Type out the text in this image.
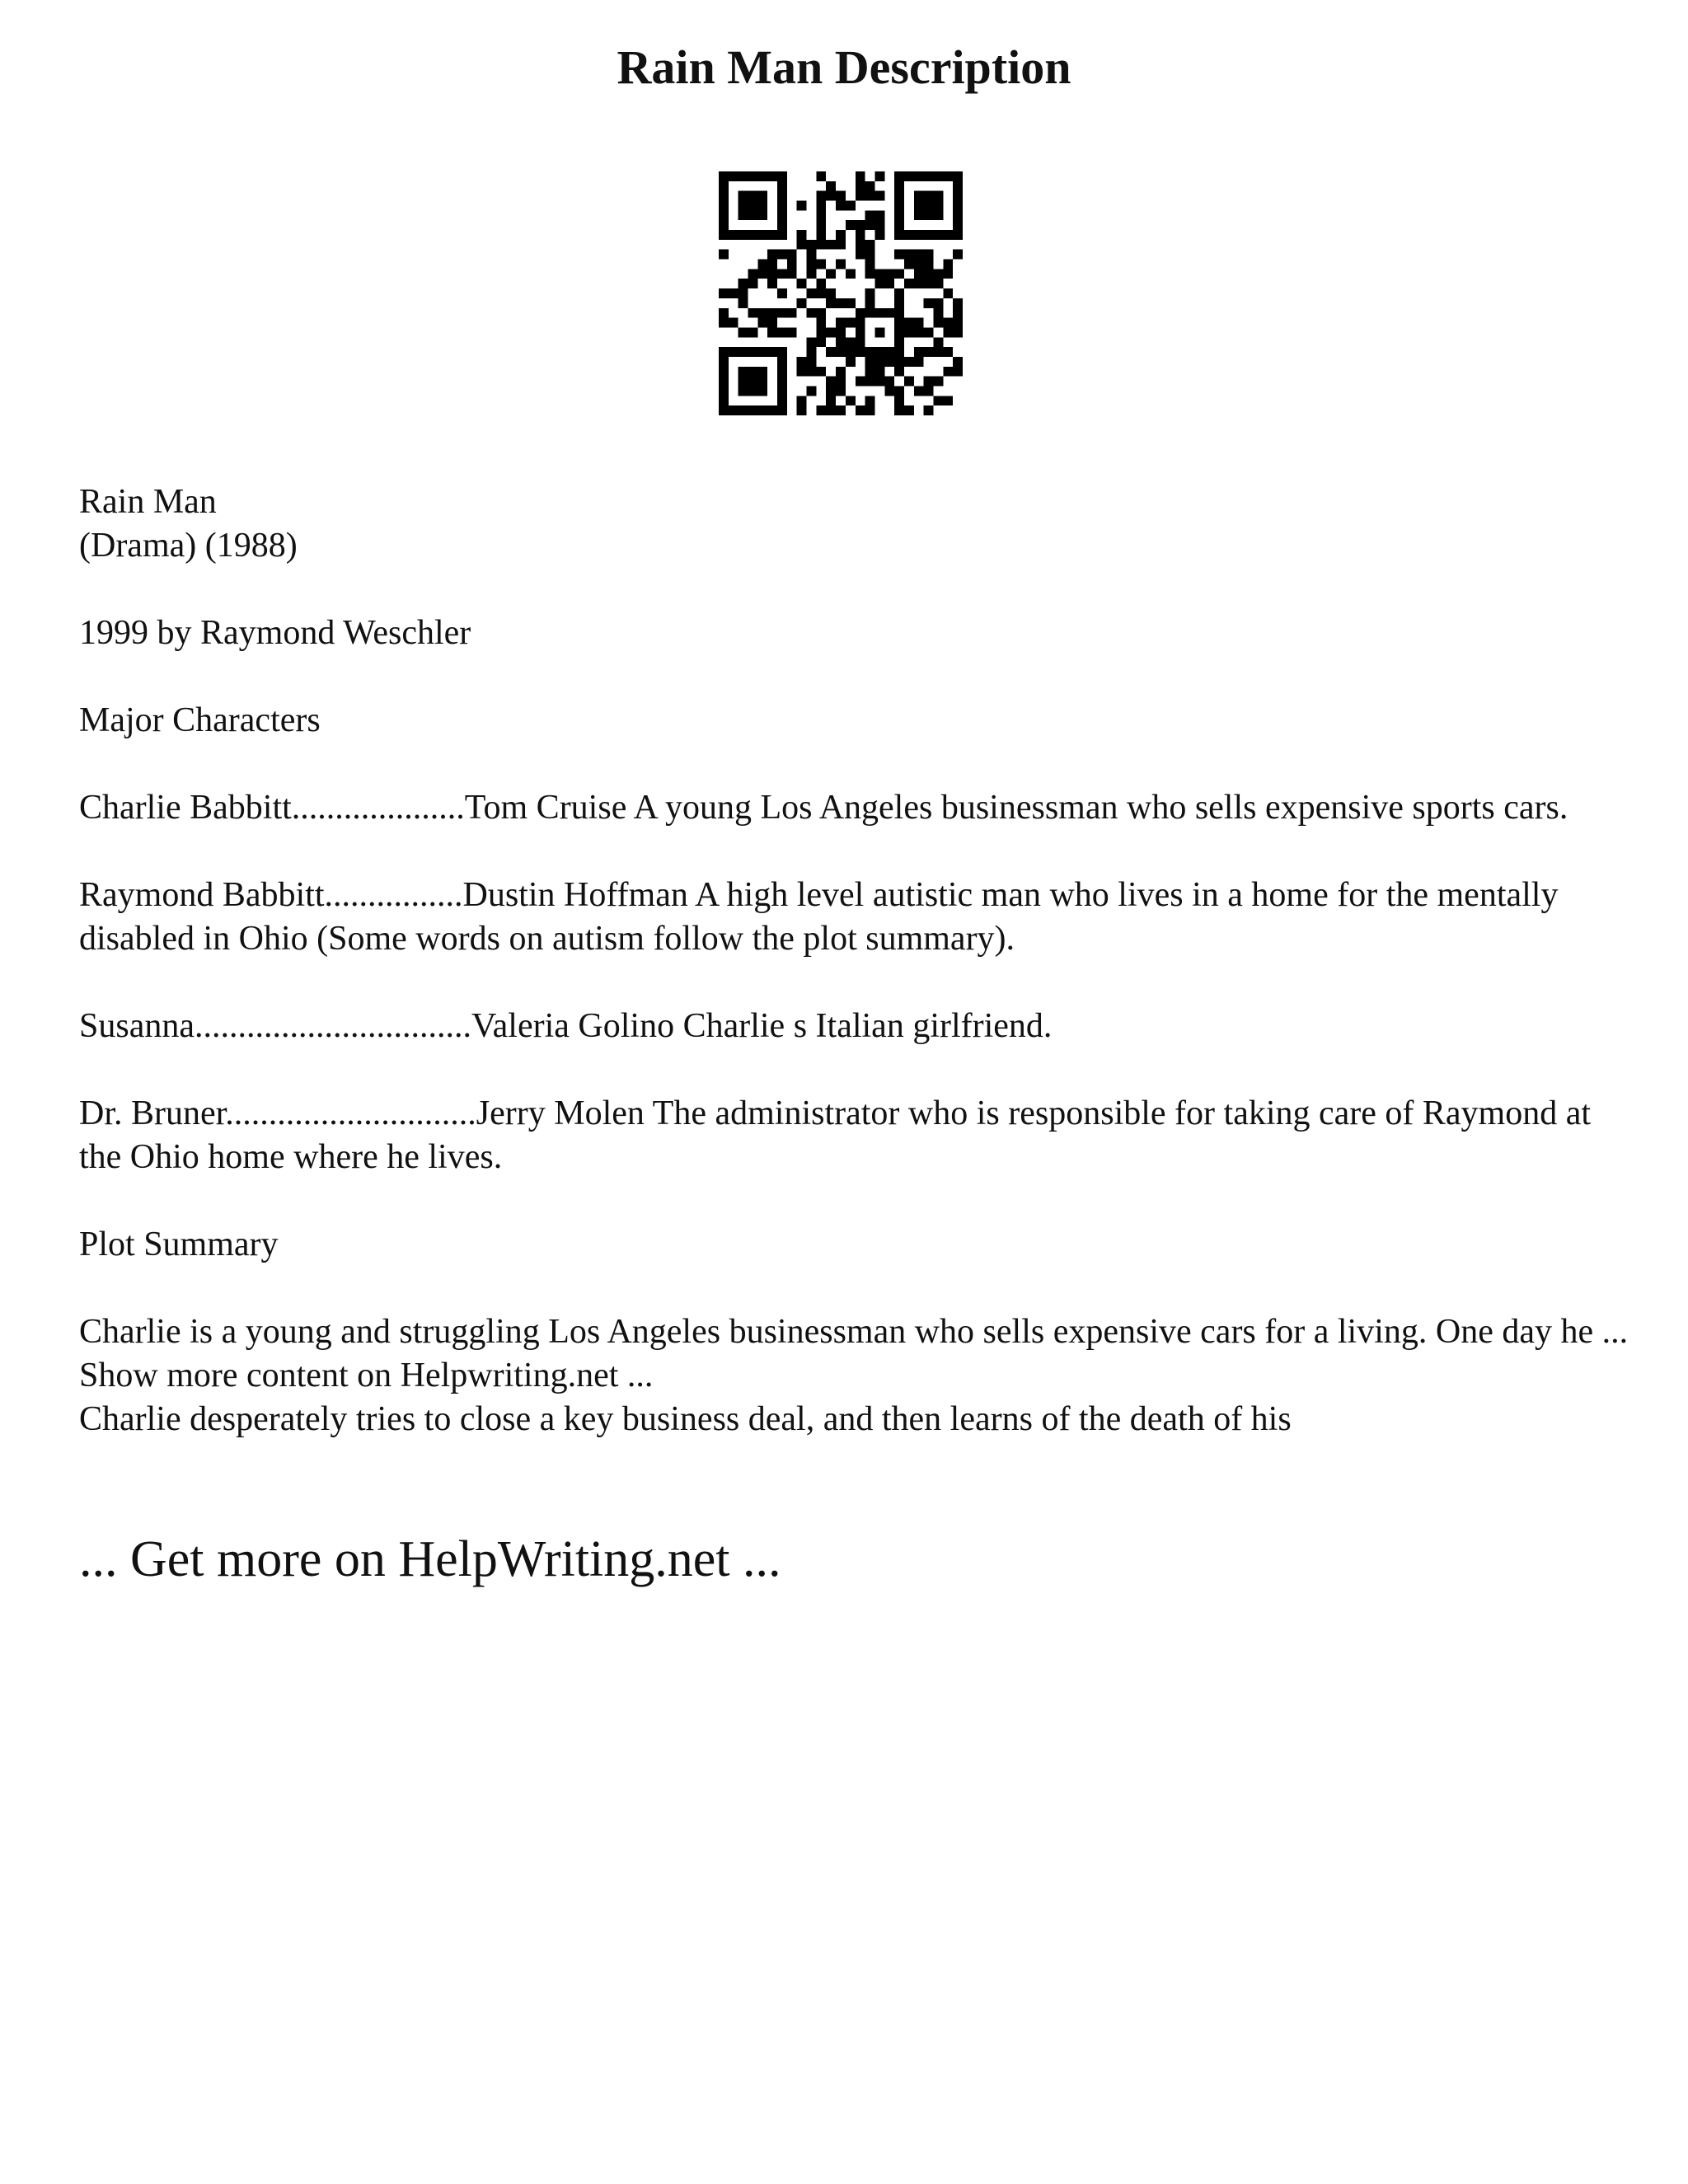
Rain Man Description

Rain Man

(Drama) (1988)

1999 by Raymond Weschler

Major Characters

Charlie Babbitt....................Tom Cruise A young Los Angeles businessman who sells expensive sports cars.

Raymond Babbitt................Dustin Hoffman A high level autistic man who lives in a home for the mentally disabled in Ohio (Some words on autism follow the plot summary).

Susanna................................Valeria Golino Charlie s Italian girlfriend.

Dr. Bruner.............................Jerry Molen The administrator who is responsible for taking care of Raymond at the Ohio home where he lives.

Plot Summary

Charlie is a young and struggling Los Angeles businessman who sells expensive cars for a living. One day he ... Show more content on Helpwriting.net ...

Charlie desperately tries to close a key business deal, and then learns of the death of his

... Get more on HelpWriting.net ...
